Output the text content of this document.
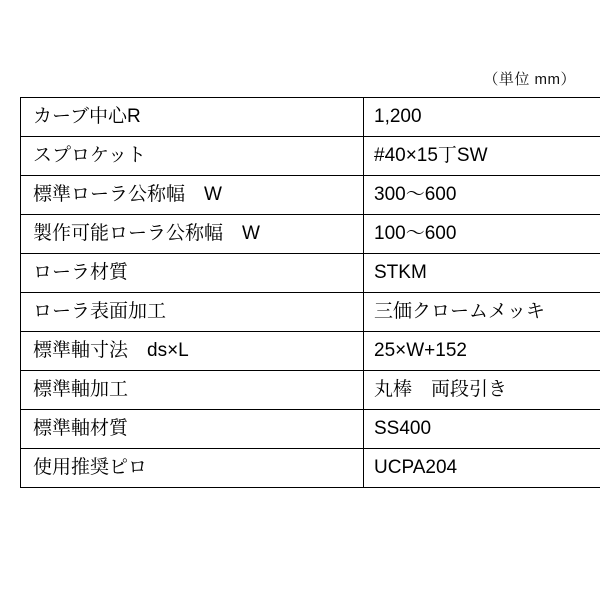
（単位 mm）
カーブ中心R	1,200
スプロケット	#40×15丁SW
標準ローラ公称幅　W	300〜600
製作可能ローラ公称幅　W	100〜600
ローラ材質	STKM
ローラ表面加工	三価クロームメッキ
標準軸寸法　ds×L	25×W+152
標準軸加工	丸棒　両段引き
標準軸材質	SS400
使用推奨ピロ	UCPA204
